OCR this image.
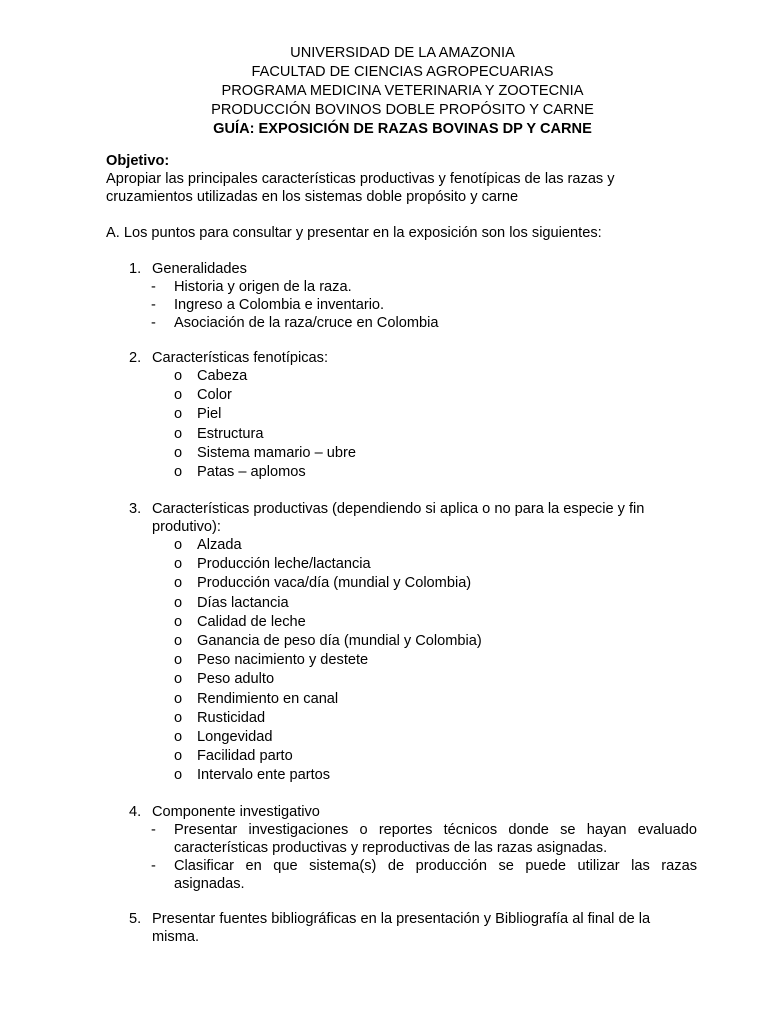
UNIVERSIDAD DE LA AMAZONIA
FACULTAD DE CIENCIAS AGROPECUARIAS
PROGRAMA MEDICINA VETERINARIA Y ZOOTECNIA
PRODUCCIÓN BOVINOS DOBLE PROPÓSITO Y CARNE
GUÍA: EXPOSICIÓN DE RAZAS BOVINAS DP Y CARNE
Objetivo:
Apropiar las principales características productivas y fenotípicas de las razas y cruzamientos utilizadas en los sistemas doble propósito y carne
A. Los puntos para consultar y presentar en la exposición son los siguientes:
1. Generalidades
- Historia y origen de la raza.
- Ingreso a Colombia e inventario.
- Asociación de la raza/cruce en Colombia
2. Características fenotípicas:
o Cabeza
o Color
o Piel
o Estructura
o Sistema mamario – ubre
o Patas – aplomos
3. Características productivas (dependiendo si aplica o no para la especie y fin produtivo):
o Alzada
o Producción leche/lactancia
o Producción vaca/día (mundial y Colombia)
o Días lactancia
o Calidad de leche
o Ganancia de peso día (mundial y Colombia)
o Peso nacimiento y destete
o Peso adulto
o Rendimiento en canal
o Rusticidad
o Longevidad
o Facilidad parto
o Intervalo ente partos
4. Componente investigativo
- Presentar investigaciones o reportes técnicos donde se hayan evaluado características productivas y reproductivas de las razas asignadas.
- Clasificar en que sistema(s) de producción se puede utilizar las razas asignadas.
5. Presentar fuentes bibliográficas en la presentación y Bibliografía al final de la misma.
